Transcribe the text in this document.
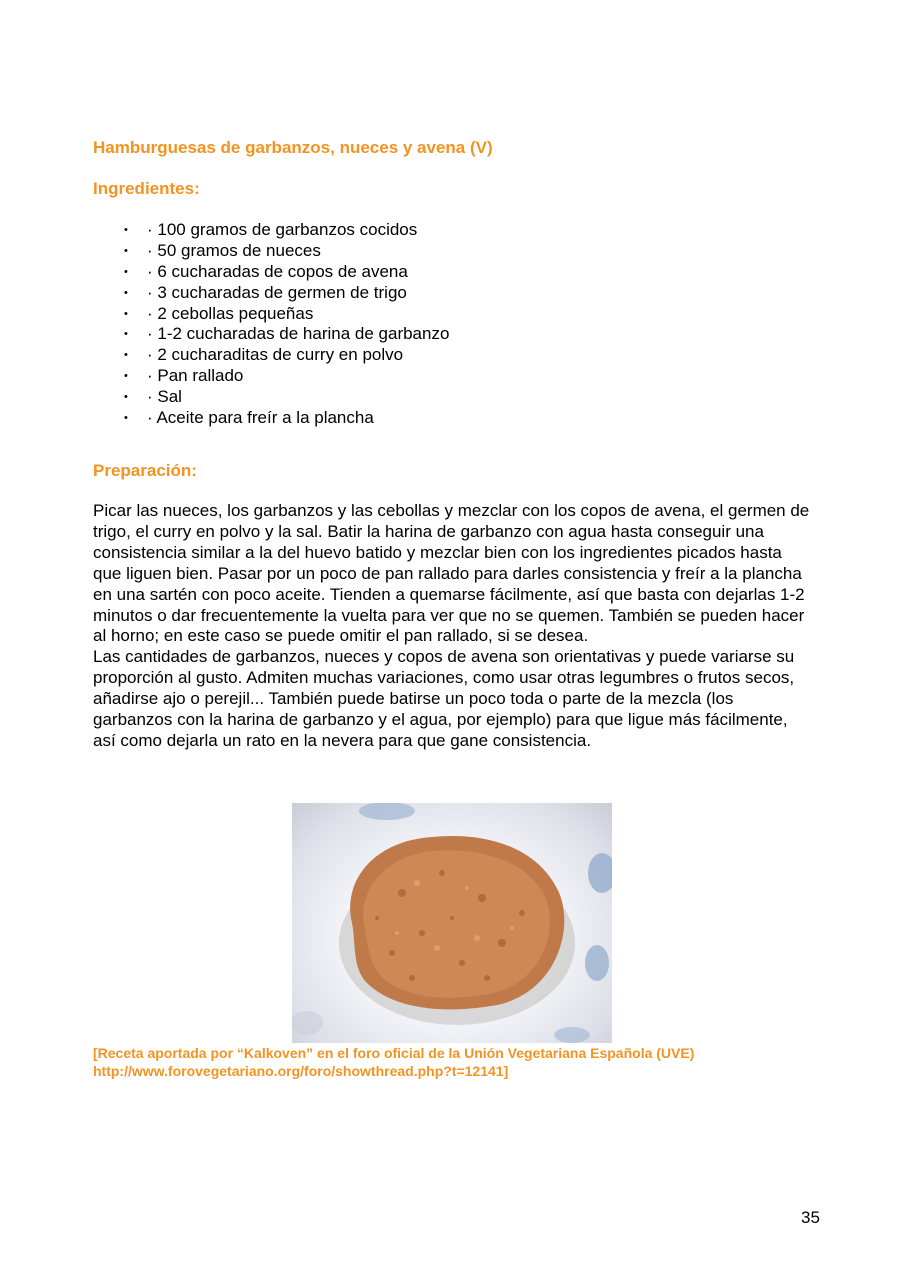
Hamburguesas de garbanzos, nueces y avena (V)
Ingredientes:
• · 100 gramos de garbanzos cocidos
• · 50 gramos de nueces
• · 6 cucharadas de copos de avena
• · 3 cucharadas de germen de trigo
• · 2 cebollas pequeñas
• · 1-2 cucharadas de harina de garbanzo
• · 2 cucharaditas de curry en polvo
• · Pan rallado
• · Sal
• · Aceite para freír a la plancha
Preparación:

Picar las nueces, los garbanzos y las cebollas y mezclar con los copos de avena, el germen de trigo, el curry en polvo y la sal. Batir la harina de garbanzo con agua hasta conseguir una consistencia similar a la del huevo batido y mezclar bien con los ingredientes picados hasta que liguen bien. Pasar por un poco de pan rallado para darles consistencia y freír a la plancha en una sartén con poco aceite. Tienden a quemarse fácilmente, así que basta con dejarlas 1-2 minutos o dar frecuentemente la vuelta para ver que no se quemen. También se pueden hacer al horno; en este caso se puede omitir el pan rallado, si se desea.

Las cantidades de garbanzos, nueces y copos de avena son orientativas y puede variarse su proporción al gusto. Admiten muchas variaciones, como usar otras legumbres o frutos secos, añadirse ajo o perejil... También puede batirse un poco toda o parte de la mezcla (los garbanzos con la harina de garbanzo y el agua, por ejemplo) para que ligue más fácilmente, así como dejarla un rato en la nevera para que gane consistencia.

[Receta aportada por “Kalkoven” en el foro oficial de la Unión Vegetariana Española (UVE)
http://www.forovegetariano.org/foro/showthread.php?t=12141]
35
